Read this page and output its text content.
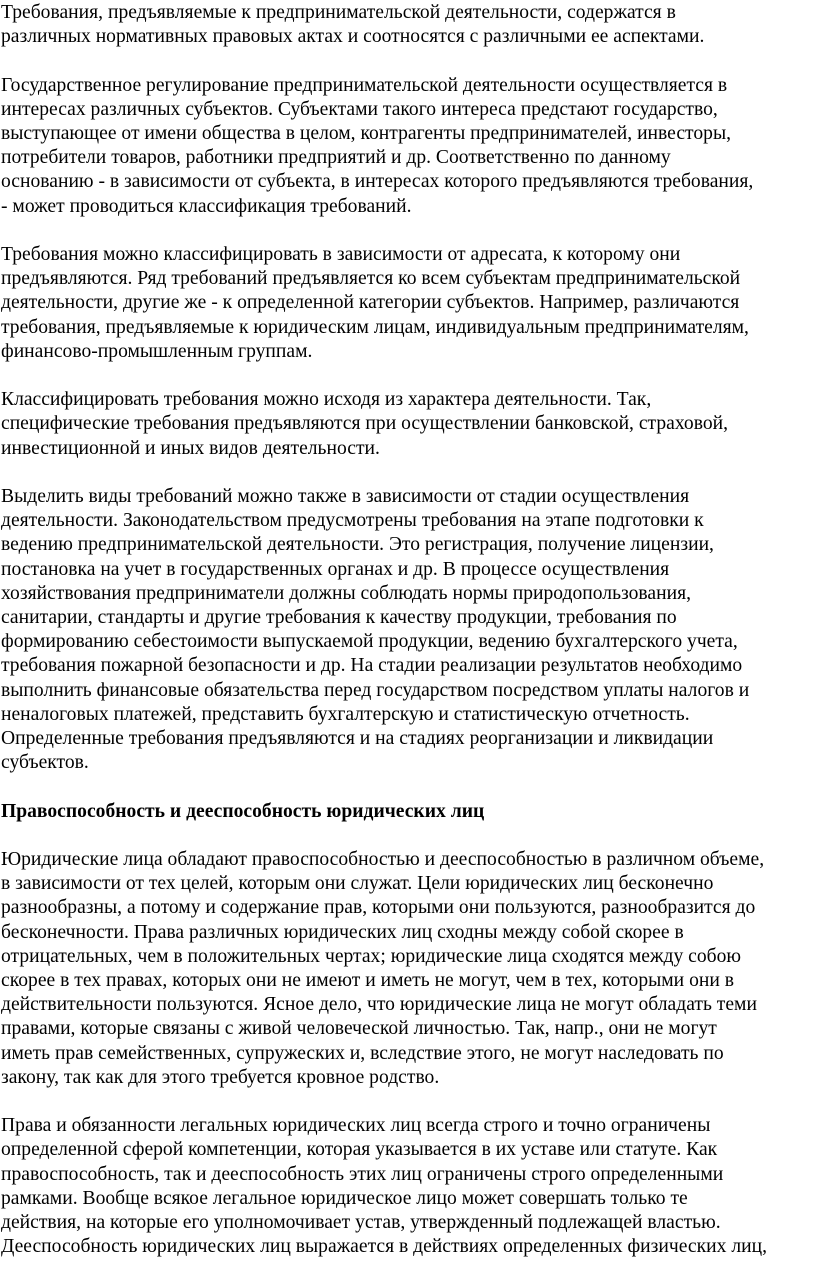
Требования, предъявляемые к предпринимательской деятельности, содержатся в
различных нормативных правовых актах и соотносятся с различными ее аспектами.
Государственное регулирование предпринимательской деятельности осуществляется в
интересах различных субъектов. Субъектами такого интереса предстают государство,
выступающее от имени общества в целом, контрагенты предпринимателей, инвесторы,
потребители товаров, работники предприятий и др. Соответственно по данному
основанию - в зависимости от субъекта, в интересах которого предъявляются требования,
- может проводиться классификация требований.
Требования можно классифицировать в зависимости от адресата, к которому они
предъявляются. Ряд требований предъявляется ко всем субъектам предпринимательской
деятельности, другие же - к определенной категории субъектов. Например, различаются
требования, предъявляемые к юридическим лицам, индивидуальным предпринимателям,
финансово-промышленным группам.
Классифицировать требования можно исходя из характера деятельности. Так,
специфические требования предъявляются при осуществлении банковской, страховой,
инвестиционной и иных видов деятельности.
Выделить виды требований можно также в зависимости от стадии осуществления
деятельности. Законодательством предусмотрены требования на этапе подготовки к
ведению предпринимательской деятельности. Это регистрация, получение лицензии,
постановка на учет в государственных органах и др. В процессе осуществления
хозяйствования предприниматели должны соблюдать нормы природопользования,
санитарии, стандарты и другие требования к качеству продукции, требования по
формированию себестоимости выпускаемой продукции, ведению бухгалтерского учета,
требования пожарной безопасности и др. На стадии реализации результатов необходимо
выполнить финансовые обязательства перед государством посредством уплаты налогов и
неналоговых платежей, представить бухгалтерскую и статистическую отчетность.
Определенные требования предъявляются и на стадиях реорганизации и ликвидации
субъектов.
Правоспособность и дееспособность юридических лиц
Юридические лица обладают правоспособностью и дееспособностью в различном объеме,
в зависимости от тех целей, которым они служат. Цели юридических лиц бесконечно
разнообразны, а потому и содержание прав, которыми они пользуются, разнообразится до
бесконечности. Права различных юридических лиц сходны между собой скорее в
отрицательных, чем в положительных чертах; юридические лица сходятся между собою
скорее в тех правах, которых они не имеют и иметь не могут, чем в тех, которыми они в
действительности пользуются. Ясное дело, что юридические лица не могут обладать теми
правами, которые связаны с живой человеческой личностью. Так, напр., они не могут
иметь прав семейственных, супружеских и, вследствие этого, не могут наследовать по
закону, так как для этого требуется кровное родство.
Права и обязанности легальных юридических лиц всегда строго и точно ограничены
определенной сферой компетенции, которая указывается в их уставе или статуте. Как
правоспособность, так и дееспособность этих лиц ограничены строго определенными
рамками. Вообще всякое легальное юридическое лицо может совершать только те
действия, на которые его уполномочивает устав, утвержденный подлежащей властью.
Дееспособность юридических лиц выражается в действиях определенных физических лиц,
